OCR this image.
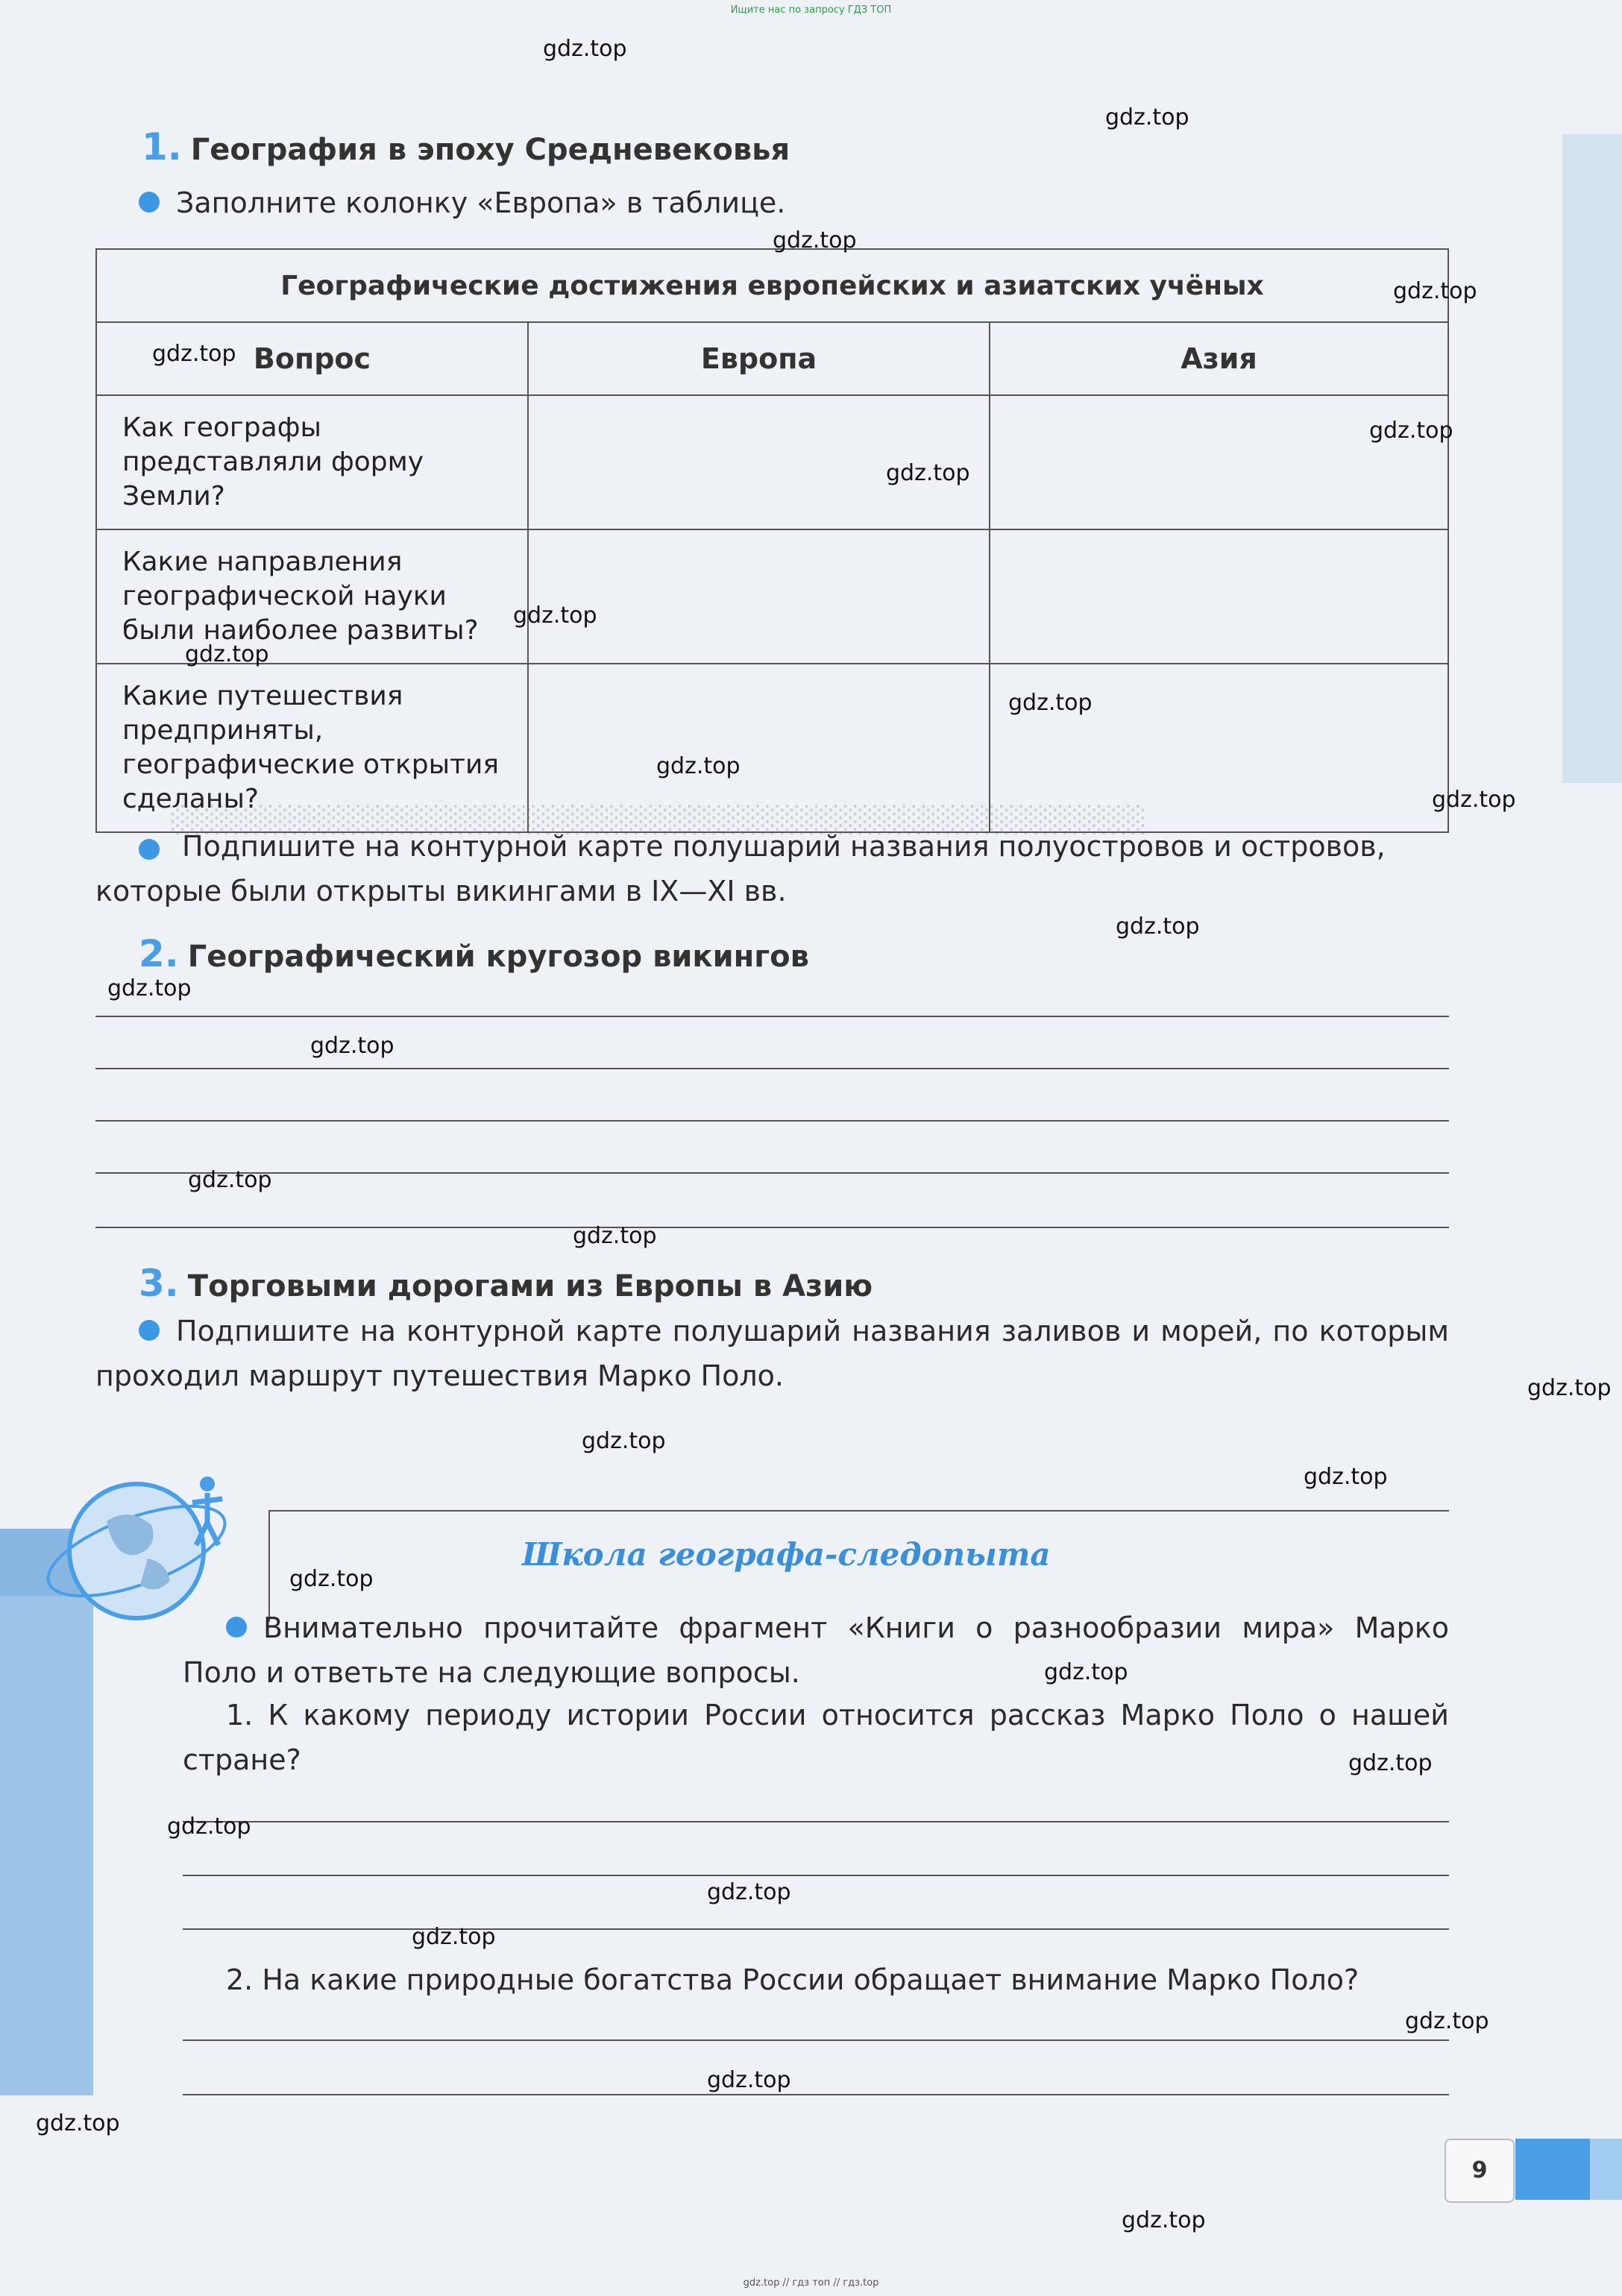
Ищите нас по запросу ГДЗ ТОП
░░░░░░░░░░░░░░░░░░░░░░░░░░░░░░░░░░░░░░░░░░░░░░░░░░
1. География в эпоху Средневековья
Заполните колонку «Европа» в таблице.
Географические достижения европейских и азиатских учёных		
Вопрос	Европа	Азия
Как географы представляли форму Земли?		
Какие направления географической науки были наиболее развиты?		
Какие путешествия предприняты, географические открытия сделаны?		
Подпишите на контурной карте полушарий названия полуостровов и островов, которые были открыты викингами в IX—XI вв.
2. Географический кругозор викингов
3. Торговыми дорогами из Европы в Азию
Подпишите на контурной карте полушарий названия заливов и морей, по которым проходил маршрут путешествия Марко Поло.
Школа географа-следопыта
Внимательно прочитайте фрагмент «Книги о разнообразии мира» Марко Поло и ответьте на следующие вопросы.
1. К какому периоду истории России относится рассказ Марко Поло о нашей стране?
2. На какие природные богатства России обращает внимание Марко Поло?
9
gdz.top
gdz.top
gdz.top
gdz.top
gdz.top
gdz.top
gdz.top
gdz.top
gdz.top
gdz.top
gdz.top
gdz.top
gdz.top
gdz.top
gdz.top
gdz.top
gdz.top
gdz.top
gdz.top
gdz.top
gdz.top
gdz.top
gdz.top
gdz.top
gdz.top
gdz.top
gdz.top
gdz.top
gdz.top
gdz.top
gdz.top // гдз топ // гдз.top
